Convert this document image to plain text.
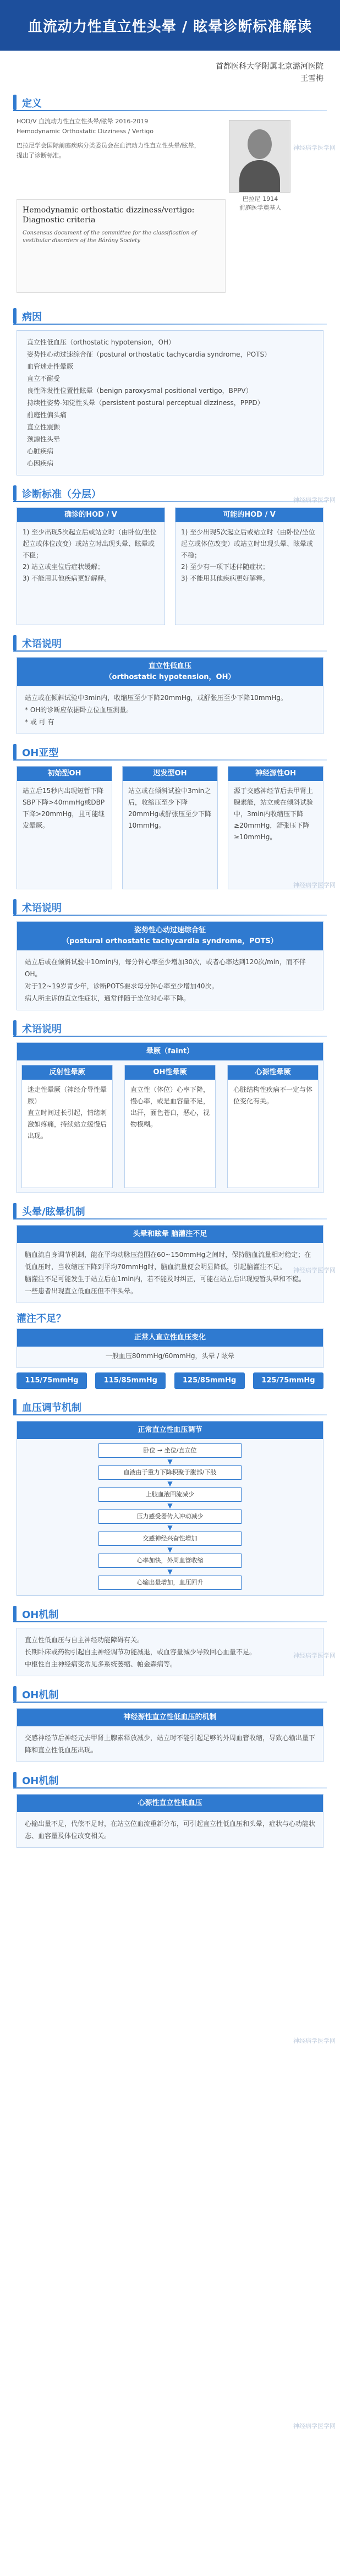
血流动力性直立性头晕 / 眩晕诊断标准解读
首都医科大学附属北京潞河医院
王雪梅
定义
HOD/V 血流动力性直立性头晕/眩晕 2016-2019
Hemodynamic Orthostatic Dizziness / Vertigo
巴拉尼学会国际前庭疾病分类委员会在血流动力性直立性头晕/眩晕，提出了诊断标准。
巴拉尼 1914
前庭医学奠基人
Hemodynamic orthostatic dizziness/vertigo: Diagnostic criteria
Consensus document of the committee for the classification of vestibular disorders of the Bárány Society
病因
直立性低血压（orthostatic hypotension，OH）
姿势性心动过速综合征（postural orthostatic tachycardia syndrome，POTS）
血管迷走性晕厥
直立不耐受
良性阵发性位置性眩晕（benign paroxysmal positional vertigo，BPPV）
持续性姿势-知觉性头晕（persistent postural perceptual dizziness，PPPD）
前庭性偏头痛
直立性震颤
颈源性头晕
心脏疾病
心因疾病
诊断标准（分层）
确诊的HOD / V
1) 至少出现5次起立后或站立时（由卧位/坐位起立或体位改变）或站立时出现头晕、眩晕或不稳；
2) 站立或坐位后症状缓解；
3) 不能用其他疾病更好解释。
可能的HOD / V
1) 至少出现5次起立后或站立时（由卧位/坐位起立或体位改变）或站立时出现头晕、眩晕或不稳；
2) 至少有一项下述伴随症状；
3) 不能用其他疾病更好解释。
术语说明
直立性低血压
（orthostatic hypotension，OH）

站立或在倾斜试验中3min内，收缩压至少下降20mmHg，或舒张压至少下降10mmHg。
* OH的诊断应依据卧立位血压测量。
* 或 可 有

OH亚型
初始型OH
站立后15秒内出现短暂下降SBP下降>40mmHg或DBP下降>20mmHg，且可能继发晕厥。
迟发型OH
站立或在倾斜试验中3min之后，收缩压至少下降20mmHg或舒张压至少下降10mmHg。
神经源性OH
源于交感神经节后去甲肾上腺素能，站立或在倾斜试验中，3min内收缩压下降≥20mmHg，舒张压下降≥10mmHg。
术语说明
姿势性心动过速综合征
（postural orthostatic tachycardia syndrome，POTS）

站立后或在倾斜试验中10min内，每分钟心率至少增加30次，或者心率达到120次/min，而不伴OH。
对于12~19岁青少年，诊断POTS要求每分钟心率至少增加40次。
病人所主诉的直立性症状，通常伴随于坐位时心率下降。

术语说明
晕厥（faint）
反射性晕厥
迷走性晕厥（神经介导性晕厥）
直立时间过长引起，情绪刺激如疼痛，持续站立缓慢后出现。
OH性晕厥
直立性（体位）心率下降，慢心率，或是血容量不足，出汗，面色苍白，恶心，视物模糊。
心源性晕厥
心脏结构性疾病不一定与体位变化有关。
头晕/眩晕机制
头晕和眩晕 脑灌注不足

脑血流自身调节机制，能在平均动脉压范围在60~150mmHg之间时，保持脑血流量相对稳定；在低血压时，当收缩压下降到平均70mmHg时，脑血流量便会明显降低，引起脑灌注不足。
脑灌注不足可能发生于站立后在1min内，若不能及时纠正，可能在站立后出现短暂头晕和不稳。
一些患者出现直立低血压但不伴头晕。

灌注不足？
正常人直立性血压变化

一般血压80mmHg/60mmHg，头晕 / 眩晕

115/75mmHg	115/85mmHg	125/85mmHg	125/75mmHg
血压调节机制
正常直立性血压调节
卧位 → 坐位/直立位
▼
血液由于重力下降积聚于腹部/下肢
▼
上肢血液回流减少
▼
压力感受器传入冲动减少
▼
交感神经兴奋性增加
▼
心率加快，外周血管收缩
▼
心输出量增加，血压回升
OH机制

直立性低血压与自主神经功能障碍有关。
长期卧床或药物引起自主神经调节功能减退，或血容量减少导致回心血量不足。
中枢性自主神经病变常见多系统萎缩、帕金森病等。

OH机制
神经源性直立性低血压的机制

交感神经节后神经元去甲肾上腺素释放减少，站立时不能引起足够的外周血管收缩，导致心输出量下降和直立性低血压出现。

OH机制
心源性直立性低血压

心输出量不足，代偿不足时，在站立位血流重新分布，可引起直立性低血压和头晕，症状与心功能状态、血容量及体位改变相关。

神经病学医学网
神经病学医学网
神经病学医学网
神经病学医学网
神经病学医学网
神经病学医学网
神经病学医学网
